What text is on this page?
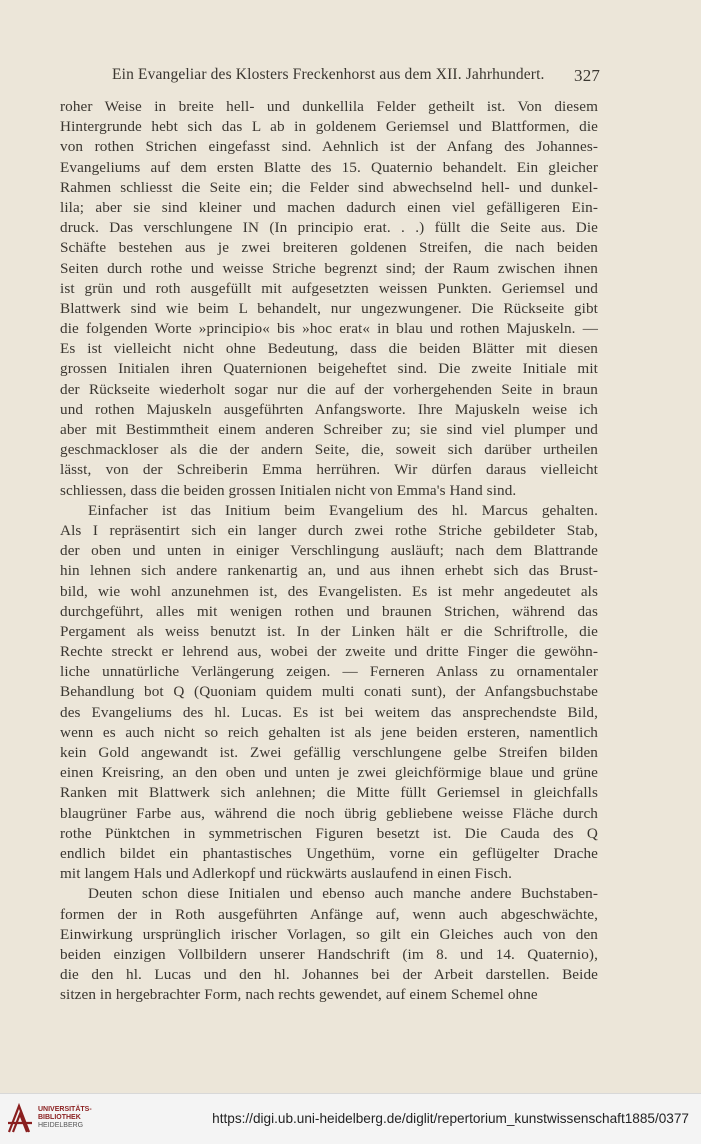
Ein Evangeliar des Klosters Freckenhorst aus dem XII. Jahrhundert. 327
roher Weise in breite hell- und dunkellila Felder getheilt ist. Von diesem
Hintergrunde hebt sich das L ab in goldenem Geriemsel und Blattformen, die
von rothen Strichen eingefasst sind. Aehnlich ist der Anfang des Johannes-
Evangeliums auf dem ersten Blatte des 15. Quaternio behandelt. Ein gleicher
Rahmen schliesst die Seite ein; die Felder sind abwechselnd hell- und dunkel-
lila; aber sie sind kleiner und machen dadurch einen viel gefälligeren Ein-
druck. Das verschlungene IN (In principio erat. . .) füllt die Seite aus. Die
Schäfte bestehen aus je zwei breiteren goldenen Streifen, die nach beiden
Seiten durch rothe und weisse Striche begrenzt sind; der Raum zwischen ihnen
ist grün und roth ausgefüllt mit aufgesetzten weissen Punkten. Geriemsel und
Blattwerk sind wie beim L behandelt, nur ungezwungener. Die Rückseite gibt
die folgenden Worte »principio« bis »hoc erat« in blau und rothen Majuskeln. —
Es ist vielleicht nicht ohne Bedeutung, dass die beiden Blätter mit diesen
grossen Initialen ihren Quaternionen beigeheftet sind. Die zweite Initiale mit
der Rückseite wiederholt sogar nur die auf der vorhergehenden Seite in braun
und rothen Majuskeln ausgeführten Anfangsworte. Ihre Majuskeln weise ich
aber mit Bestimmtheit einem anderen Schreiber zu; sie sind viel plumper und
geschmackloser als die der andern Seite, die, soweit sich darüber urtheilen
lässt, von der Schreiberin Emma herrühren. Wir dürfen daraus vielleicht
schliessen, dass die beiden grossen Initialen nicht von Emma's Hand sind.
Einfacher ist das Initium beim Evangelium des hl. Marcus gehalten.
Als I repräsentirt sich ein langer durch zwei rothe Striche gebildeter Stab,
der oben und unten in einiger Verschlingung ausläuft; nach dem Blattrande
hin lehnen sich andere rankenartig an, und aus ihnen erhebt sich das Brust-
bild, wie wohl anzunehmen ist, des Evangelisten. Es ist mehr angedeutet als
durchgeführt, alles mit wenigen rothen und braunen Strichen, während das
Pergament als weiss benutzt ist. In der Linken hält er die Schriftrolle, die
Rechte streckt er lehrend aus, wobei der zweite und dritte Finger die gewöhn-
liche unnatürliche Verlängerung zeigen. — Ferneren Anlass zu ornamentaler
Behandlung bot Q (Quoniam quidem multi conati sunt), der Anfangsbuchstabe
des Evangeliums des hl. Lucas. Es ist bei weitem das ansprechendste Bild,
wenn es auch nicht so reich gehalten ist als jene beiden ersteren, namentlich
kein Gold angewandt ist. Zwei gefällig verschlungene gelbe Streifen bilden
einen Kreisring, an den oben und unten je zwei gleichförmige blaue und grüne
Ranken mit Blattwerk sich anlehnen; die Mitte füllt Geriemsel in gleichfalls
blaugrüner Farbe aus, während die noch übrig gebliebene weisse Fläche durch
rothe Pünktchen in symmetrischen Figuren besetzt ist. Die Cauda des Q
endlich bildet ein phantastisches Ungethüm, vorne ein geflügelter Drache
mit langem Hals und Adlerkopf und rückwärts auslaufend in einen Fisch.
Deuten schon diese Initialen und ebenso auch manche andere Buchstaben-
formen der in Roth ausgeführten Anfänge auf, wenn auch abgeschwächte,
Einwirkung ursprünglich irischer Vorlagen, so gilt ein Gleiches auch von den
beiden einzigen Vollbildern unserer Handschrift (im 8. und 14. Quaternio),
die den hl. Lucas und den hl. Johannes bei der Arbeit darstellen. Beide
sitzen in hergebrachter Form, nach rechts gewendet, auf einem Schemel ohne
UNIVERSITÄTS-
BIBLIOTHEK
HEIDELBERG	https://digi.ub.uni-heidelberg.de/diglit/repertorium_kunstwissenschaft1885/0377
